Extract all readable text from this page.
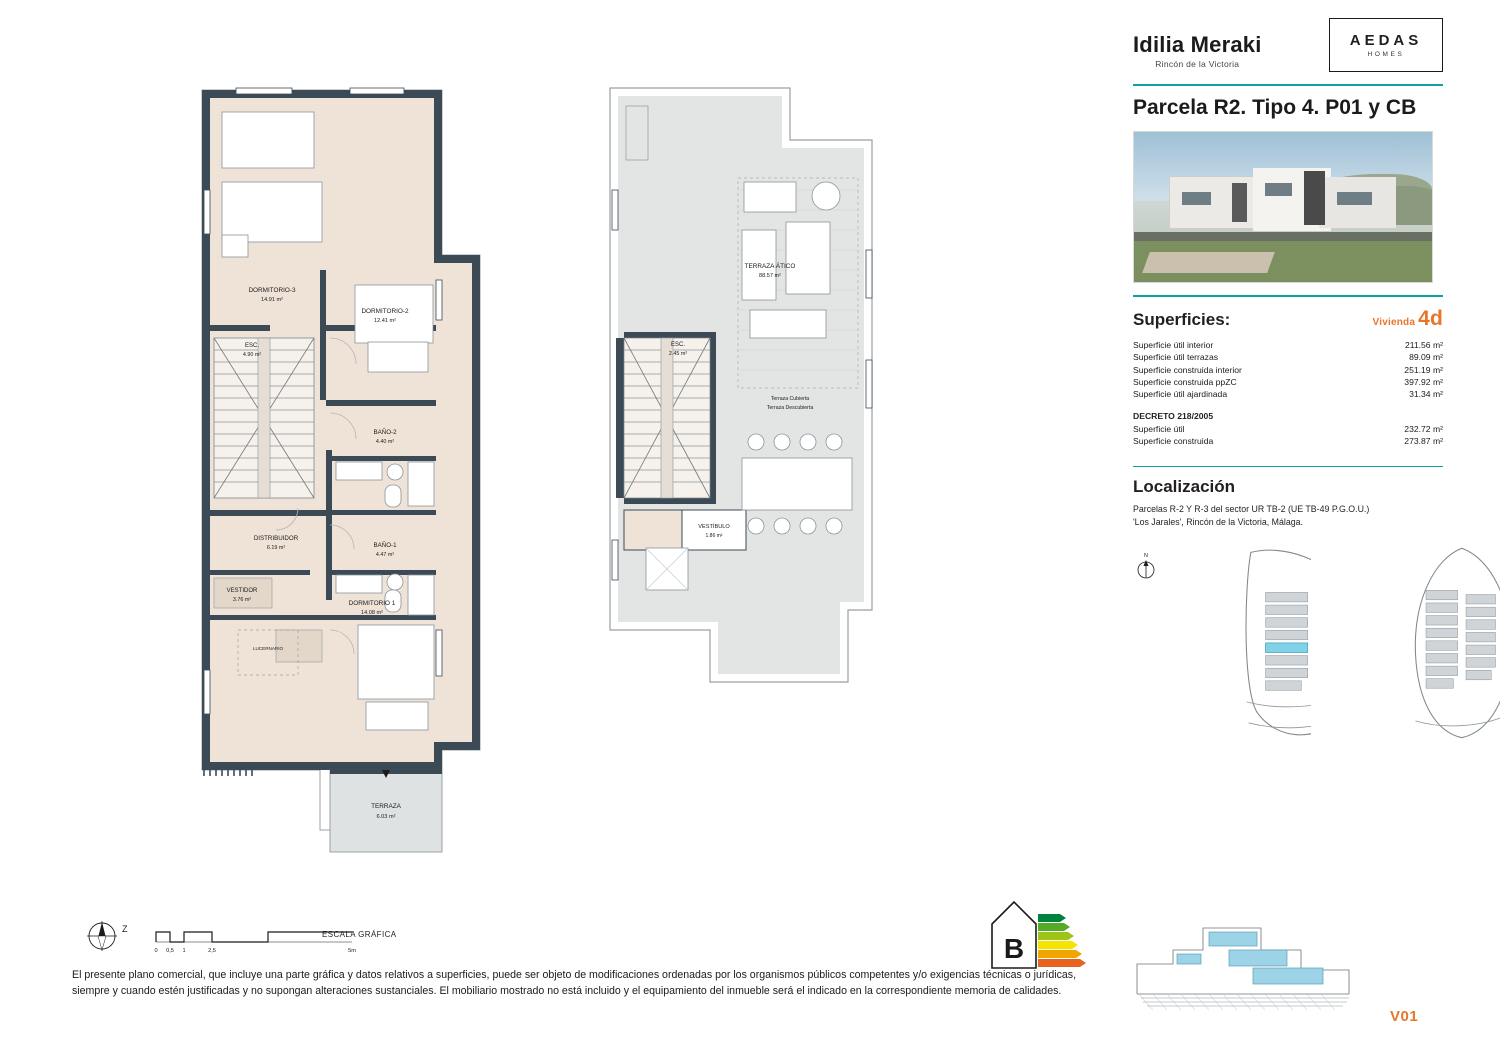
DORMITORIO-3
14.91 m²
DORMITORIO-2
12.41 m²
ESC.
4.90 m²
BAÑO-2
4.40 m²
DISTRIBUIDOR
6.19 m²
VESTIDOR
3.76 m²
BAÑO-1
4.47 m²
DORMITORIO 1
14.08 m²
TERRAZA
6.03 m²
LUCERNARIO
TERRAZA ÁTICO
88.57 m²
ESC.
2.45 m²
VESTÍBULO
1.86 m²
Terraza Cubierta
Terraza Descubierta
Idilia Meraki
Rincón de la Victoria
AEDAS
HOMES
Parcela R2. Tipo 4. P01 y CB
Superficies:	Vivienda 4d
Superficie útil interior	211.56 m²
Superficie útil terrazas	89.09 m²
Superficie construida interior	251.19 m²
Superficie construida ppZC	397.92 m²
Superficie útil ajardinada	31.34 m²
DECRETO 218/2005
Superficie útil	232.72 m²
Superficie construida	273.87 m²
Localización
Parcelas R-2 Y R-3 del sector UR TB-2 (UE TB-49 P.G.O.U.)
'Los Jarales', Rincón de la Victoria, Málaga.
N
V01
B
Z
0 0,5 1	2,5	5m
ESCALA GRÁFICA
El presente plano comercial, que incluye una parte gráfica y datos relativos a superficies, puede ser objeto de modificaciones ordenadas por los organismos públicos competentes y/o exigencias técnicas o jurídicas, siempre y cuando estén justificadas y no supongan alteraciones sustanciales. El mobiliario mostrado no está incluido y el equipamiento del inmueble será el indicado en la correspondiente memoria de calidades.
